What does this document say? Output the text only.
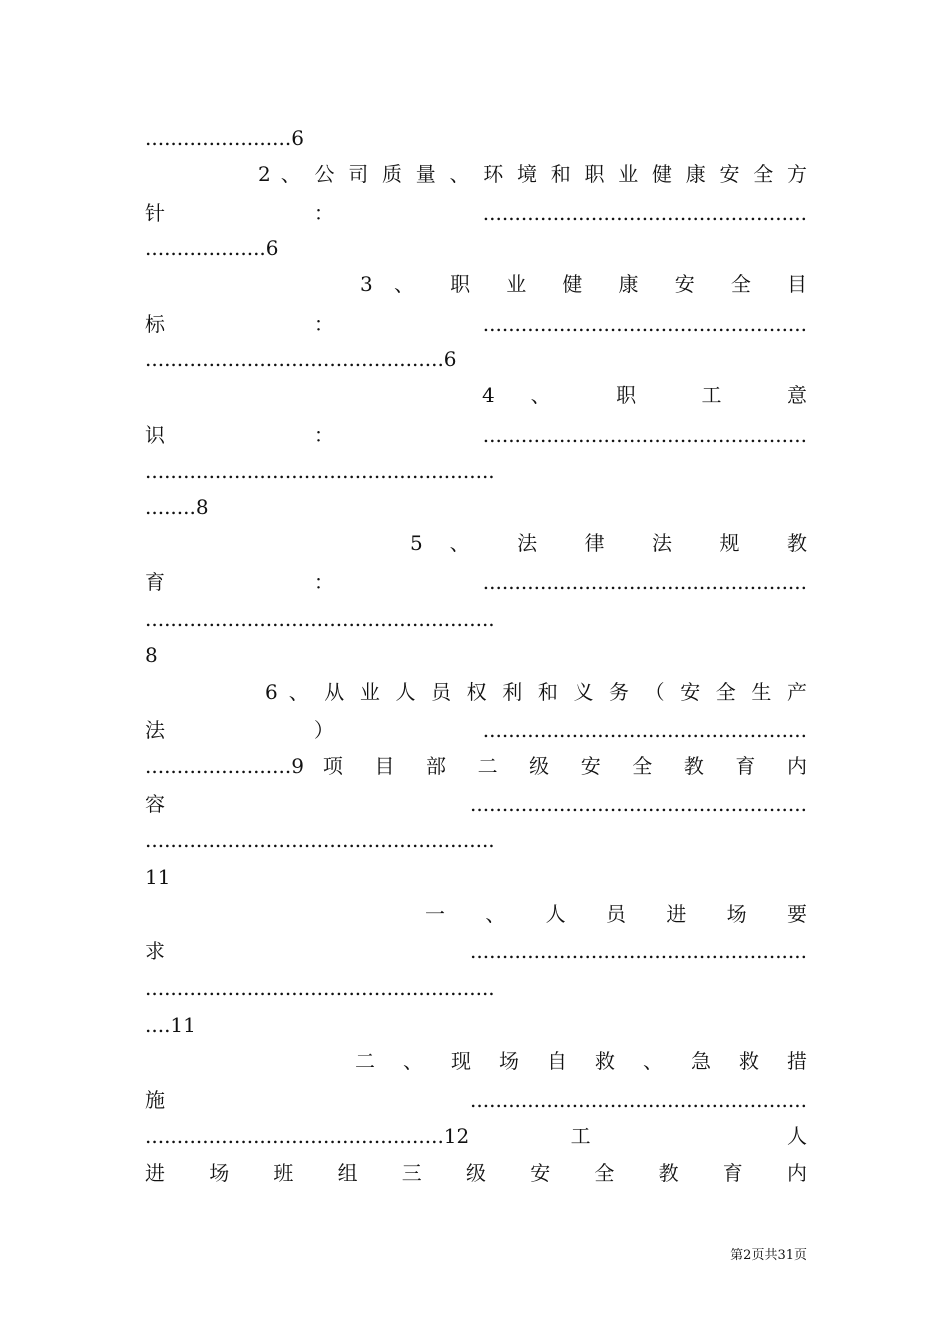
.......................6
2 、 公 司 质 量 、 环 境 和 职 业 健 康 安 全 方
针：...................................................
...................6
3 、 职 业 健 康 安 全 目
标：...................................................
...............................................6
4 、 职 工 意
识：...................................................
.......................................................
........8
5 、 法 律 法 规 教
育：...................................................
.......................................................
8
6 、 从 业 人 员 权 利 和 义 务 （ 安 全 生 产
法）...................................................
.......................9 项 目 部 二 级 安 全 教 育 内
容.....................................................
.......................................................
11
一 、 人 员 进 场 要
求.....................................................
.......................................................
....11
二 、 现 场 自 救 、 急 救 措
施.....................................................
...............................................12 工 人
进 场 班 组 三 级 安 全 教 育 内
第2页共31页
